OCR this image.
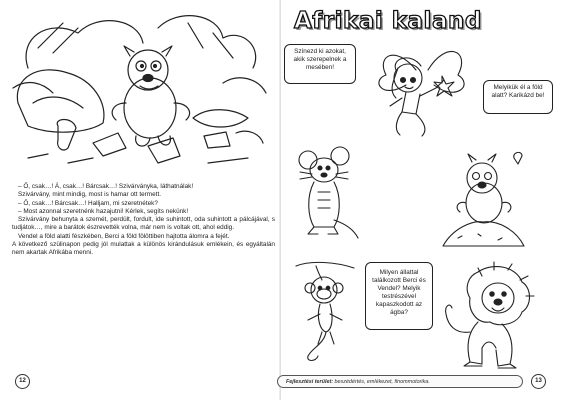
– Ő, csak…! Á, csak…! Bárcsak…! Szivárványka, láthatnálak!

Szivárvány, mint mindig, most is hamar ott termett.

– Ő, csak…! Bárcsak…! Halljam, mi szeretnétek?

– Most azonnal szeretnénk hazajutni! Kérlek, segíts nekünk!

Szivárvány behunyta a szemét, perdült, fordult, ide suhintott, oda suhintott a pálcájával, s tudjátok…, mire a barátok észrevették volna, már nem is voltak ott, ahol eddig.

Vendel a föld alatti fészkében, Berci a föld fölöttiben hajtotta álomra a fejét.

A következő szülinapon pedig jól mulattak a különös kirándulásuk emlékein, és egyáltalán nem akartak Afrikába menni.

12
Afrikai kaland
Színezd ki azokat, akik szerepelnek a mesében!
Melyikük él a föld alatt? Karikázd be!
Milyen állattal találkozott Berci és Vendel? Melyik testrészével kapaszkodott az ágba?
Fejlesztési terület: beszédértés, emlékezet, finommotorika.	13
